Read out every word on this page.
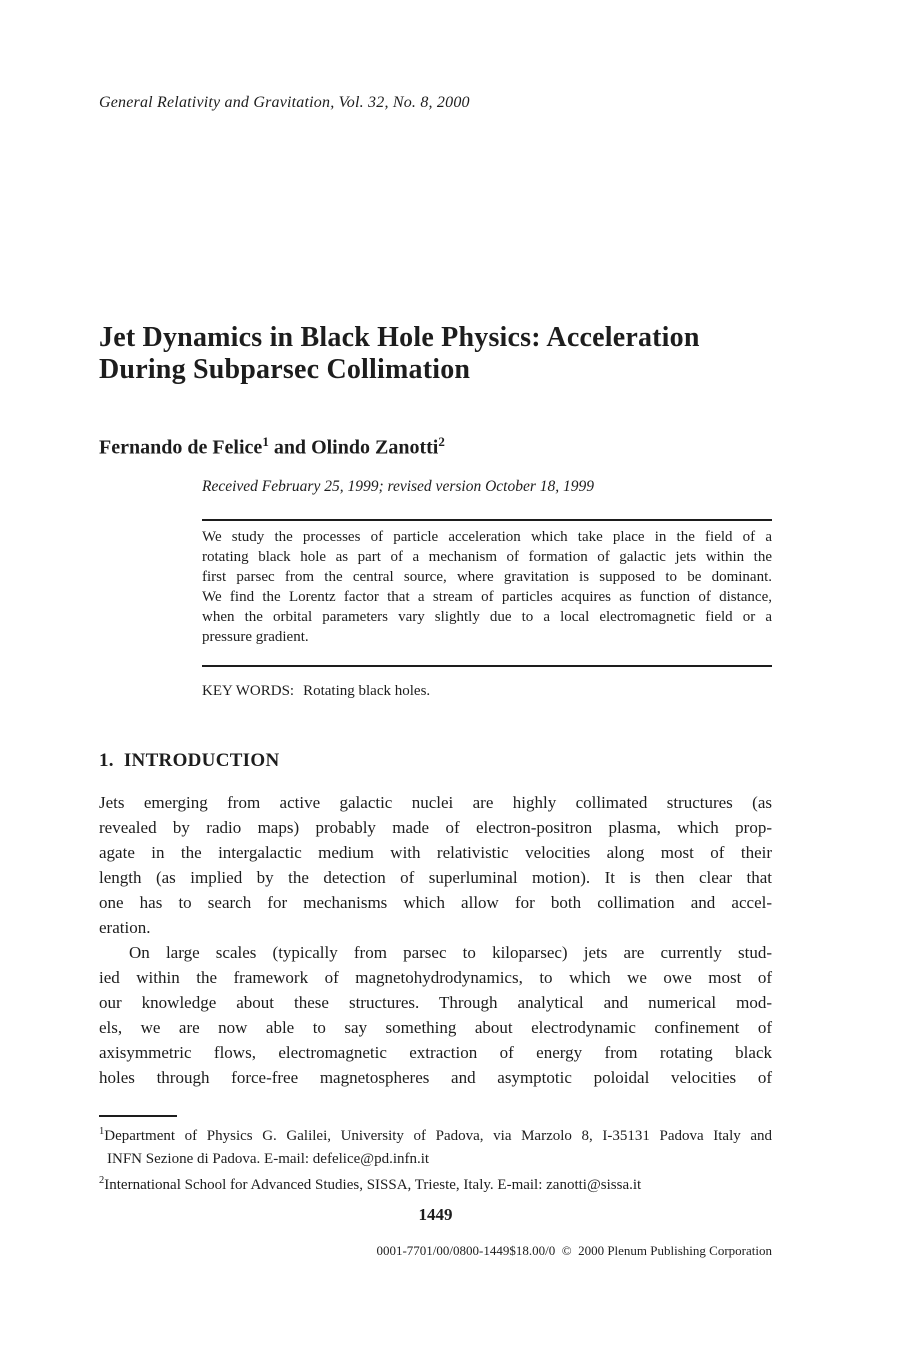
General Relativity and Gravitation, Vol. 32, No. 8, 2000
Jet Dynamics in Black Hole Physics: Acceleration During Subparsec Collimation
Fernando de Felice$^1$ and Olindo Zanotti$^2$
Received February 25, 1999; revised version October 18, 1999
We study the processes of particle acceleration which take place in the field of a
rotating black hole as part of a mechanism of formation of galactic jets within the
first parsec from the central source, where gravitation is supposed to be dominant.
We find the Lorentz factor that a stream of particles acquires as function of distance,
when the orbital parameters vary slightly due to a local electromagnetic field or a
pressure gradient.
KEY WORDS: Rotating black holes.
1. INTRODUCTION
Jets emerging from active galactic nuclei are highly collimated structures (as
revealed by radio maps) probably made of electron-positron plasma, which prop-
agate in the intergalactic medium with relativistic velocities along most of their
length (as implied by the detection of superluminal motion). It is then clear that
one has to search for mechanisms which allow for both collimation and accel-
eration.
On large scales (typically from parsec to kiloparsec) jets are currently stud-
ied within the framework of magnetohydrodynamics, to which we owe most of
our knowledge about these structures. Through analytical and numerical mod-
els, we are now able to say something about electrodynamic confinement of
axisymmetric flows, electromagnetic extraction of energy from rotating black
holes through force-free magnetospheres and asymptotic poloidal velocities of
$^1$Department of Physics G. Galilei, University of Padova, via Marzolo 8, I-35131 Padova Italy and
INFN Sezione di Padova. E-mail: defelice@pd.infn.it
$^2$International School for Advanced Studies, SISSA, Trieste, Italy. E-mail: zanotti@sissa.it
1449
0001-7701/00/0800-1449$18.00/0  ©  2000 Plenum Publishing Corporation
